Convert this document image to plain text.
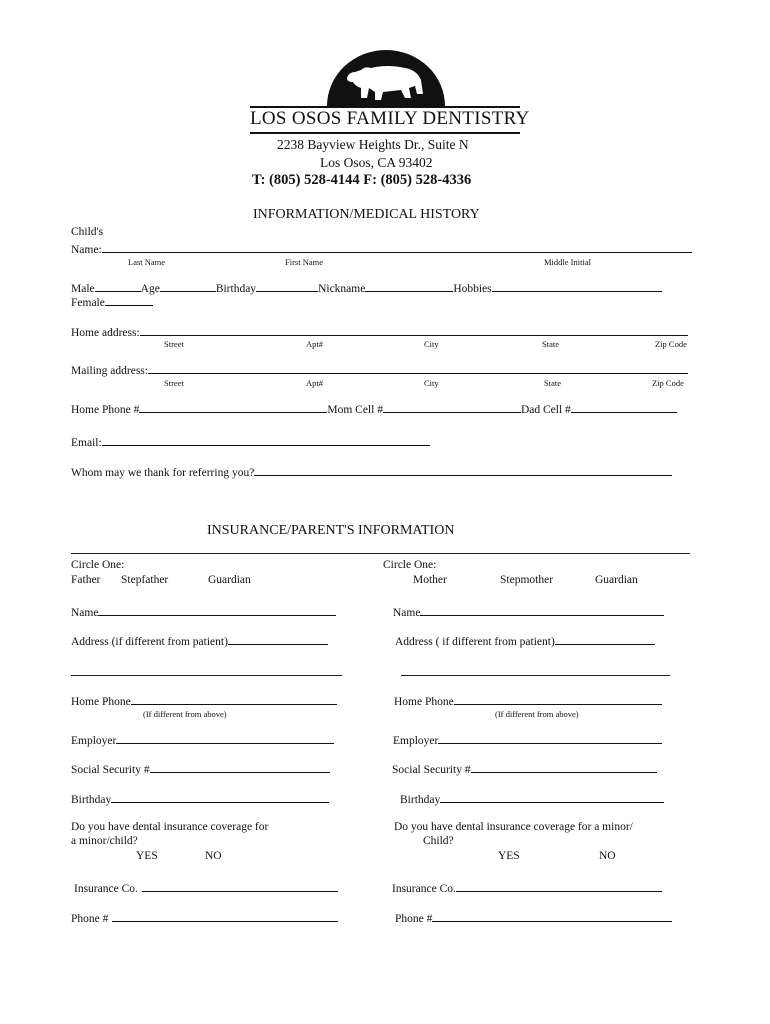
LOS OSOS FAMILY DENTISTRY
2238 Bayview Heights Dr., Suite N
Los Osos, CA 93402
T: (805) 528-4144 F: (805) 528-4336
INFORMATION/MEDICAL HISTORY
Child's
Name:
Last Name	First Name	Middle Initial
Male	Age	Birthday	Nickname	Hobbies
Female
Home address:
Street	Apt#	City	State	Zip Code
Mailing address:
Street	Apt#	City	State	Zip Code
Home Phone #	Mom Cell #	Dad Cell #
Email:
Whom may we thank for referring you?
INSURANCE/PARENT'S INFORMATION
Circle One:
Father Stepfather	Guardian
Name
Address (if different from patient)
Home Phone
(If different from above)
Employer
Social Security #
Birthday
Do you have dental insurance coverage for
a minor/child?
YES	NO
Insurance Co.
Phone #
Circle One:
Mother	Stepmother	Guardian
Name
Address ( if different from patient)
Home Phone
(If different from above)
Employer
Social Security #
Birthday
Do you have dental insurance coverage for a minor/
Child?
YES	NO
Insurance Co.
Phone #
